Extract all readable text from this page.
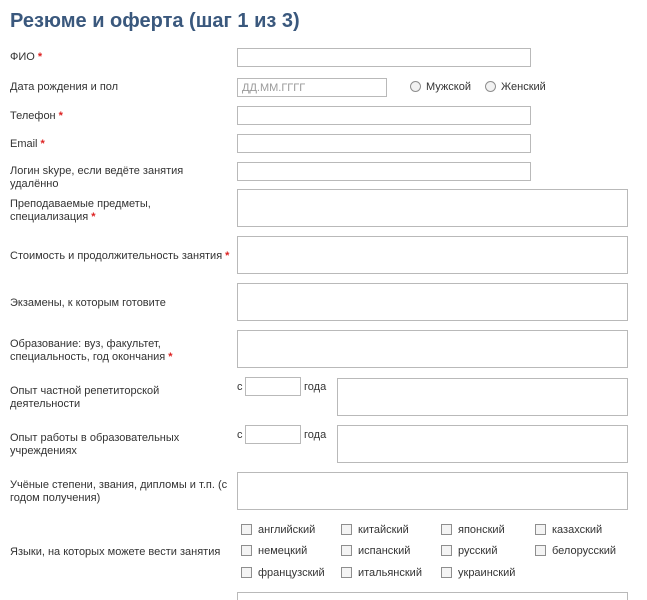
Резюме и оферта (шаг 1 из 3)
ФИО *
Дата рождения и пол
ДД.ММ.ГГГГ	Мужской	Женский
Телефон *
Email *
Логин skype, если ведёте занятия удалённо
Преподаваемые предметы, специализация *
Стоимость и продолжительность занятия *
Экзамены, к которым готовите
Образование: вуз, факультет, специальность, год окончания *
Опыт частной репетиторской деятельности
с	года
Опыт работы в образовательных учреждениях
с	года
Учёные степени, звания, дипломы и т.п. (с годом получения)
Языки, на которых можете вести занятия
английский	китайский	японский	казахский
немецкий	испанский	русский	белорусский
французский	итальянский	украинский
